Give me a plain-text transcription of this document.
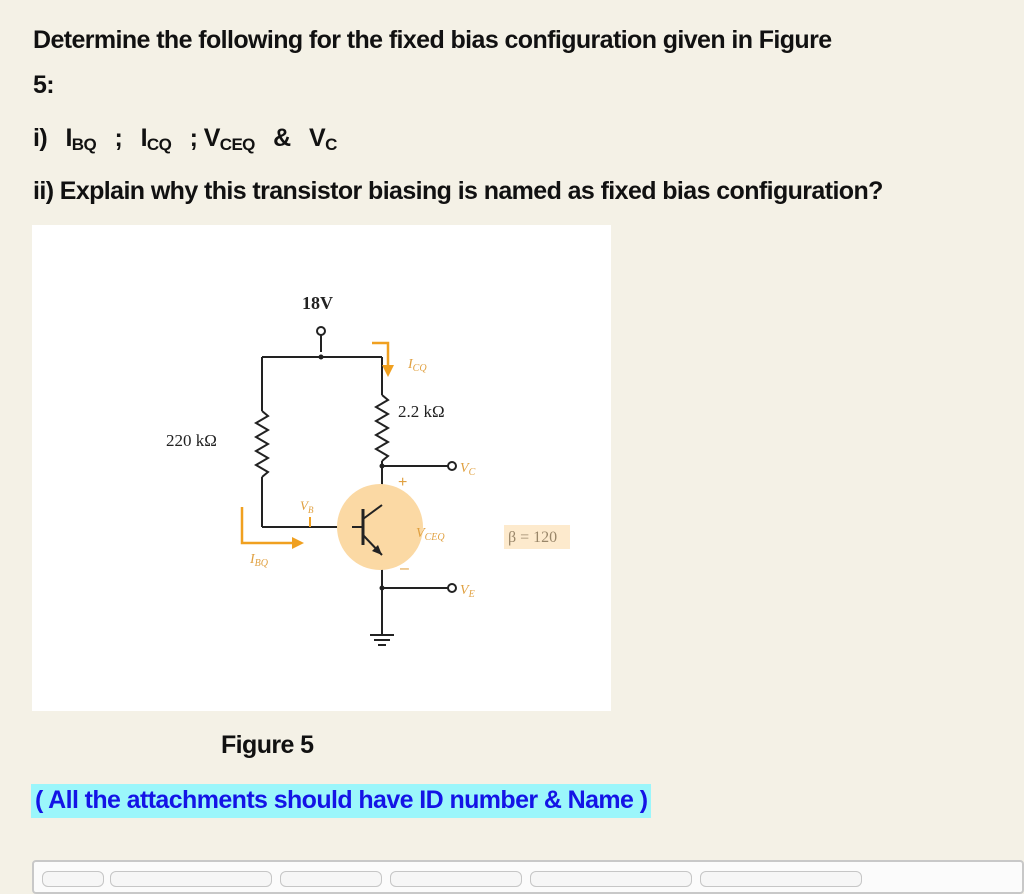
Determine the following for the fixed bias configuration given in Figure
5:
i) $I_{BQ}$ ; $I_{CQ}$ ; $V_{CEQ}$ & $V_C$
ii) Explain why this transistor biasing is named as fixed bias configuration?
18V
220 kΩ
2.2 kΩ
$I_{CQ}$
$I_{BQ}$
$V_B$
$V_C$
$V_{CEQ}$
$V_E$
+
–
Figure 5
( All the attachments should have ID number & Name )
